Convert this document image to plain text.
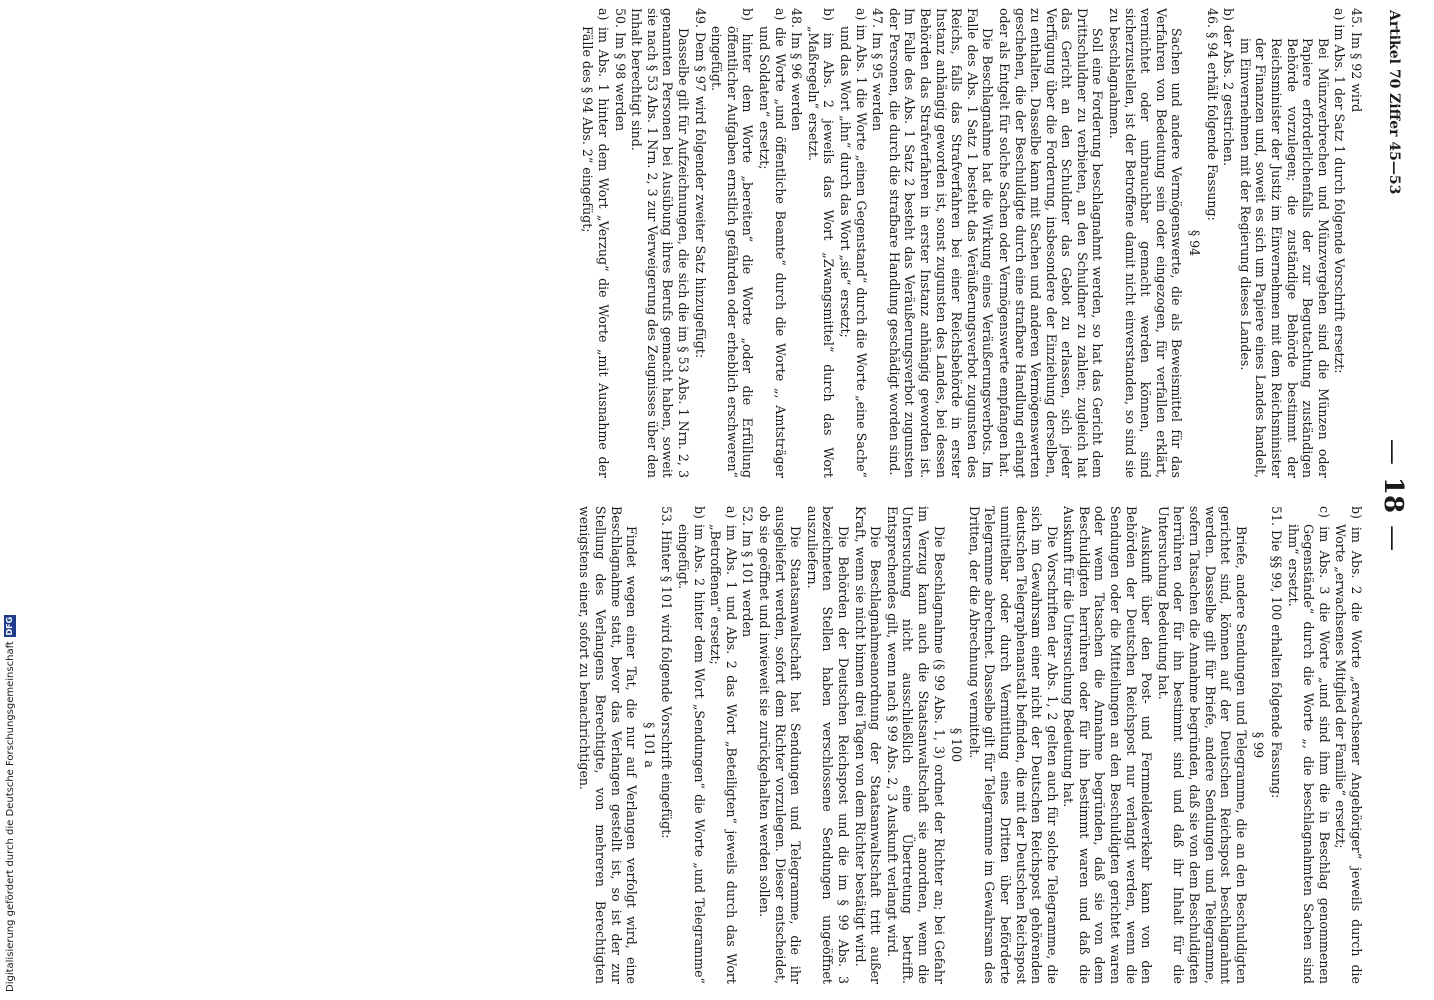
Artikel 70 Ziffer 45—53
—18—
45. Im § 92 wird
a) im Abs. 1 der Satz 1 durch folgende Vorschrift ersetzt:
Bei Münzverbrechen und Münzvergehen sind die Münzen oder Papiere erforderlichenfalls der zur Begutachtung zuständigen Behörde vorzulegen; die zuständige Behörde bestimmt der Reichsminister der Justiz im Einvernehmen mit dem Reichsminister der Finanzen und, soweit es sich um Papiere eines Landes handelt, im Einvernehmen mit der Regierung dieses Landes.
b) der Abs. 2 gestrichen.
46. § 94 erhält folgende Fassung:
§ 94
Sachen und andere Vermögenswerte, die als Beweismittel für das Verfahren von Bedeutung sein oder eingezogen, für verfallen erklärt, vernichtet oder unbrauchbar gemacht werden können, sind sicherzustellen, ist der Betroffene damit nicht einverstanden, so sind sie zu beschlagnahmen.
Soll eine Forderung beschlagnahmt werden, so hat das Gericht dem Drittschuldner zu verbieten, an den Schuldner zu zahlen; zugleich hat das Gericht an den Schuldner das Gebot zu erlassen, sich jeder Verfügung über die Forderung, insbesondere der Einziehung derselben, zu enthalten. Dasselbe kann mit Sachen und anderen Vermögenswerten geschehen, die der Beschuldigte durch eine strafbare Handlung erlangt oder als Entgelt für solche Sachen oder Vermögenswerte empfangen hat.
Die Beschlagnahme hat die Wirkung eines Veräußerungsverbots. Im Falle des Abs. 1 Satz 1 besteht das Veräußerungsverbot zugunsten des Reichs, falls das Strafverfahren bei einer Reichsbehörde in erster Instanz anhängig geworden ist, sonst zugunsten des Landes, bei dessen Behörden das Strafverfahren in erster Instanz anhängig geworden ist. Im Falle des Abs. 1 Satz 2 besteht das Veräußerungsverbot zugunsten der Personen, die durch die strafbare Handlung geschädigt worden sind.
47. Im § 95 werden
a) im Abs. 1 die Worte „einen Gegenstand“ durch die Worte „eine Sache“ und das Wort „ihn“ durch das Wort „sie“ ersetzt;
b) im Abs. 2 jeweils das Wort „Zwangsmittel“ durch das Wort „Maßregeln“ ersetzt.
48. Im § 96 werden
a) die Worte „und öffentliche Beamte“ durch die Worte „, Amtsträger und Soldaten“ ersetzt;
b) hinter dem Worte „bereiten“ die Worte „oder die Erfüllung öffentlicher Aufgaben ernstlich gefährden oder erheblich erschweren“ eingefügt.
49. Dem § 97 wird folgender zweiter Satz hinzugefügt:
Dasselbe gilt für Aufzeichnungen, die sich die im § 53 Abs. 1 Nrn. 2, 3 genannten Personen bei Ausübung ihres Berufs gemacht haben, soweit sie nach § 53 Abs. 1 Nrn. 2, 3 zur Verweigerung des Zeugnisses über den Inhalt berechtigt sind.
50. Im § 98 werden
a) im Abs. 1 hinter dem Wort „Verzug“ die Worte „mit Ausnahme der Fälle des § 94 Abs. 2“ eingefügt;
b) im Abs. 2 die Worte „erwachsener Angehöriger“ jeweils durch die Worte „erwachsenes Mitglied der Familie“ ersetzt;
c) im Abs. 3 die Worte „und sind ihm die in Beschlag genommenen Gegenstände“ durch die Worte „, die beschlagnahmten Sachen sind ihm“ ersetzt.
51. Die §§ 99, 100 erhalten folgende Fassung:
§ 99
Briefe, andere Sendungen und Telegramme, die an den Beschuldigten gerichtet sind, können auf der Deutschen Reichspost beschlagnahmt werden. Dasselbe gilt für Briefe, andere Sendungen und Telegramme, sofern Tatsachen die Annahme begründen, daß sie von dem Beschuldigten herrühren oder für ihn bestimmt sind und daß ihr Inhalt für die Untersuchung Bedeutung hat.
Auskunft über den Post- und Fernmeldeverkehr kann von den Behörden der Deutschen Reichspost nur verlangt werden, wenn die Sendungen oder die Mitteilungen an den Beschuldigten gerichtet waren oder wenn Tatsachen die Annahme begründen, daß sie von dem Beschuldigten herrühren oder für ihn bestimmt waren und daß die Auskunft für die Untersuchung Bedeutung hat.
Die Vorschriften der Abs. 1, 2 gelten auch für solche Telegramme, die sich im Gewahrsam einer nicht der Deutschen Reichspost gehörenden deutschen Telegraphenanstalt befinden, die mit der Deutschen Reichspost unmittelbar oder durch Vermittlung eines Dritten über beförderte Telegramme abrechnet. Dasselbe gilt für Telegramme im Gewahrsam des Dritten, der die Abrechnung vermittelt.
§ 100
Die Beschlagnahme (§ 99 Abs. 1, 3) ordnet der Richter an; bei Gefahr im Verzug kann auch die Staatsanwaltschaft sie anordnen, wenn die Untersuchung nicht ausschließlich eine Übertretung betrifft. Entsprechendes gilt, wenn nach § 99 Abs. 2, 3 Auskunft verlangt wird.
Die Beschlagnahmeanordnung der Staatsanwaltschaft tritt außer Kraft, wenn sie nicht binnen drei Tagen von dem Richter bestätigt wird.
Die Behörden der Deutschen Reichspost und die im § 99 Abs. 3 bezeichneten Stellen haben verschlossene Sendungen ungeöffnet auszuliefern.
Die Staatsanwaltschaft hat Sendungen und Telegramme, die ihr ausgeliefert werden, sofort dem Richter vorzulegen. Dieser entscheidet, ob sie geöffnet und inwieweit sie zurückgehalten werden sollen.
52. Im § 101 werden
a) im Abs. 1 und Abs. 2 das Wort „Beteiligten“ jeweils durch das Wort „Betroffenen“ ersetzt;
b) im Abs. 2 hinter dem Wort „Sendungen“ die Worte „und Telegramme“ eingefügt.
53. Hinter § 101 wird folgende Vorschrift eingefügt:
§ 101 a
Findet wegen einer Tat, die nur auf Verlangen verfolgt wird, eine Beschlagnahme statt, bevor das Verlangen gestellt ist, so ist der zur Stellung des Verlangens Berechtigte, von mehreren Berechtigten wenigstens einer, sofort zu benachrichtigen.
Digitalisierung gefördert durch die Deutsche Forschungsgemeinschaft
DFG
